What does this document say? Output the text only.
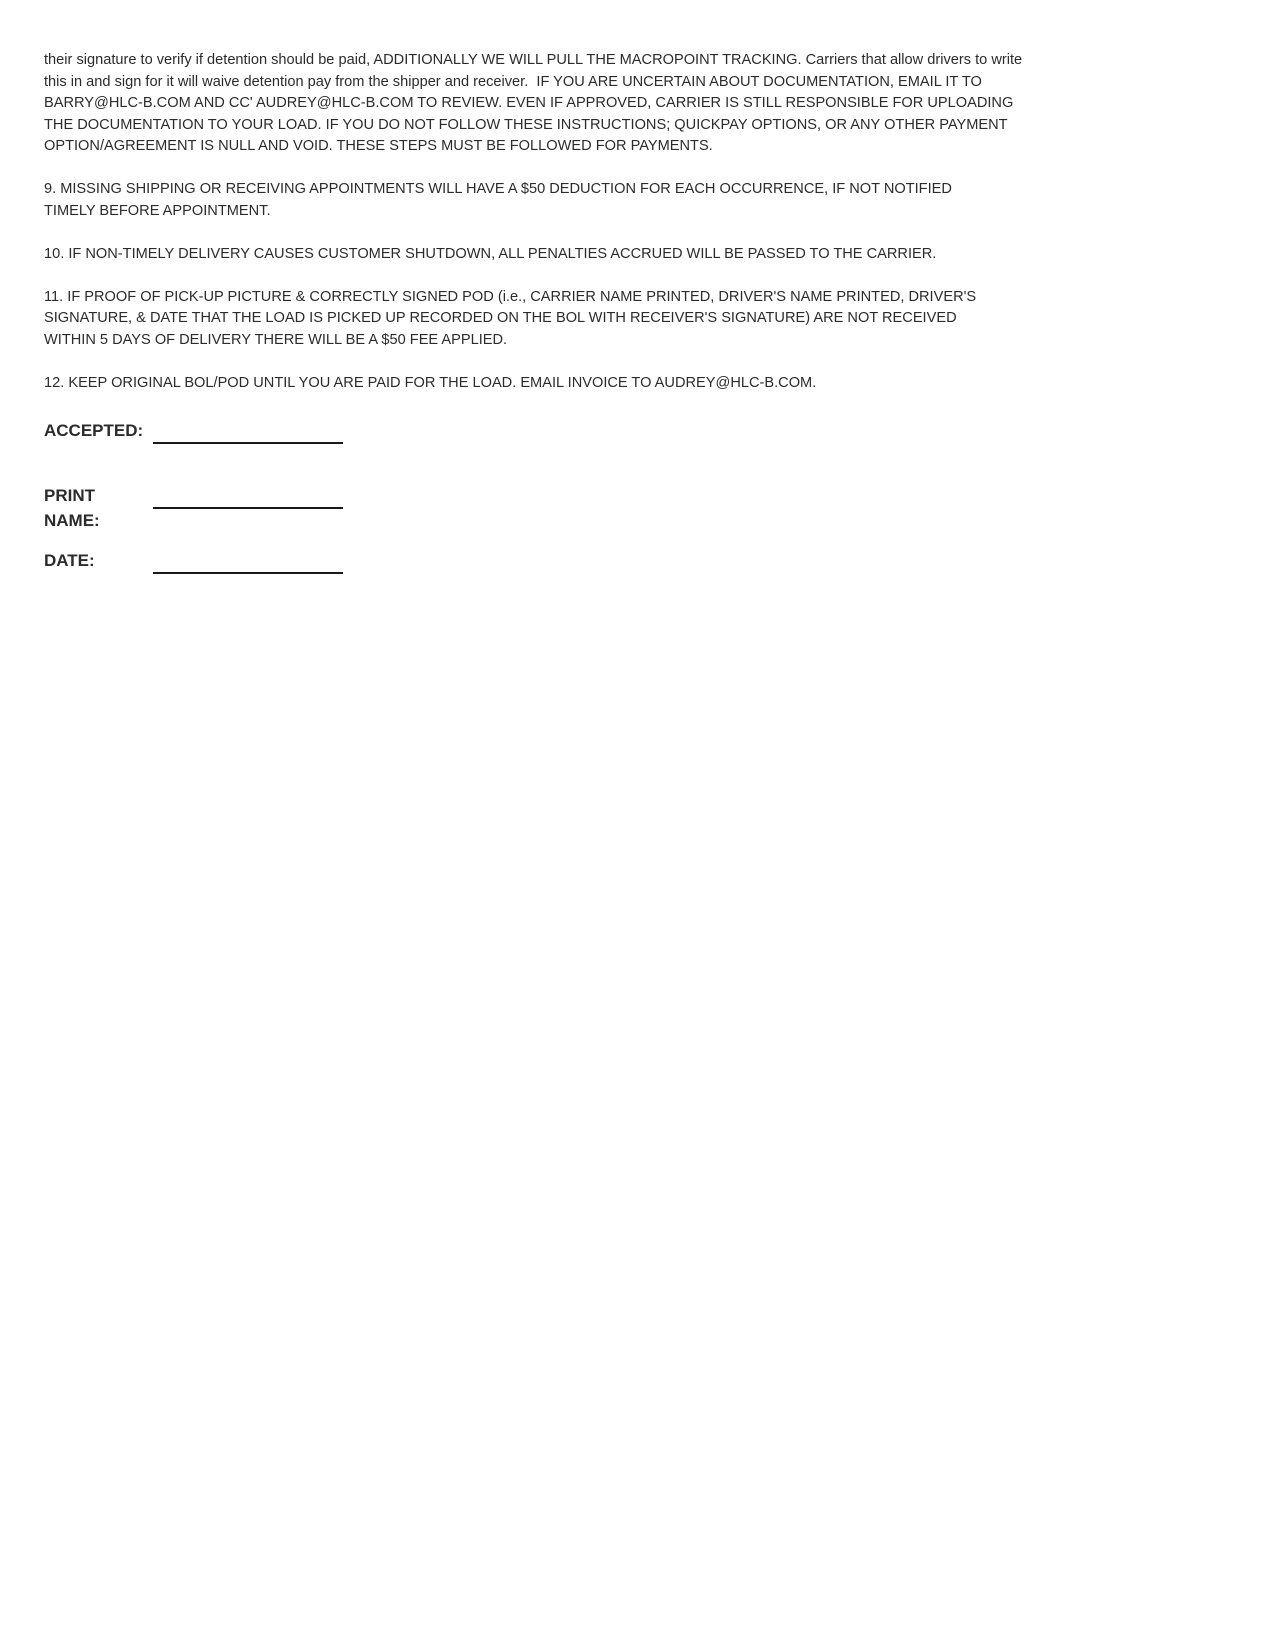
their signature to verify if detention should be paid, ADDITIONALLY WE WILL PULL THE MACROPOINT TRACKING. Carriers that allow drivers to write this in and sign for it will waive detention pay from the shipper and receiver.  IF YOU ARE UNCERTAIN ABOUT DOCUMENTATION, EMAIL IT TO BARRY@HLC-B.COM AND CC' AUDREY@HLC-B.COM TO REVIEW. EVEN IF APPROVED, CARRIER IS STILL RESPONSIBLE FOR UPLOADING THE DOCUMENTATION TO YOUR LOAD. IF YOU DO NOT FOLLOW THESE INSTRUCTIONS; QUICKPAY OPTIONS, OR ANY OTHER PAYMENT OPTION/AGREEMENT IS NULL AND VOID. THESE STEPS MUST BE FOLLOWED FOR PAYMENTS.

9. MISSING SHIPPING OR RECEIVING APPOINTMENTS WILL HAVE A $50 DEDUCTION FOR EACH OCCURRENCE, IF NOT NOTIFIED TIMELY BEFORE APPOINTMENT.

10. IF NON-TIMELY DELIVERY CAUSES CUSTOMER SHUTDOWN, ALL PENALTIES ACCRUED WILL BE PASSED TO THE CARRIER.

11. IF PROOF OF PICK-UP PICTURE & CORRECTLY SIGNED POD (i.e., CARRIER NAME PRINTED, DRIVER'S NAME PRINTED, DRIVER'S SIGNATURE, & DATE THAT THE LOAD IS PICKED UP RECORDED ON THE BOL WITH RECEIVER'S SIGNATURE) ARE NOT RECEIVED WITHIN 5 DAYS OF DELIVERY THERE WILL BE A $50 FEE APPLIED.

12. KEEP ORIGINAL BOL/POD UNTIL YOU ARE PAID FOR THE LOAD. EMAIL INVOICE TO AUDREY@HLC-B.COM.

ACCEPTED:
PRINT
NAME:
DATE:
